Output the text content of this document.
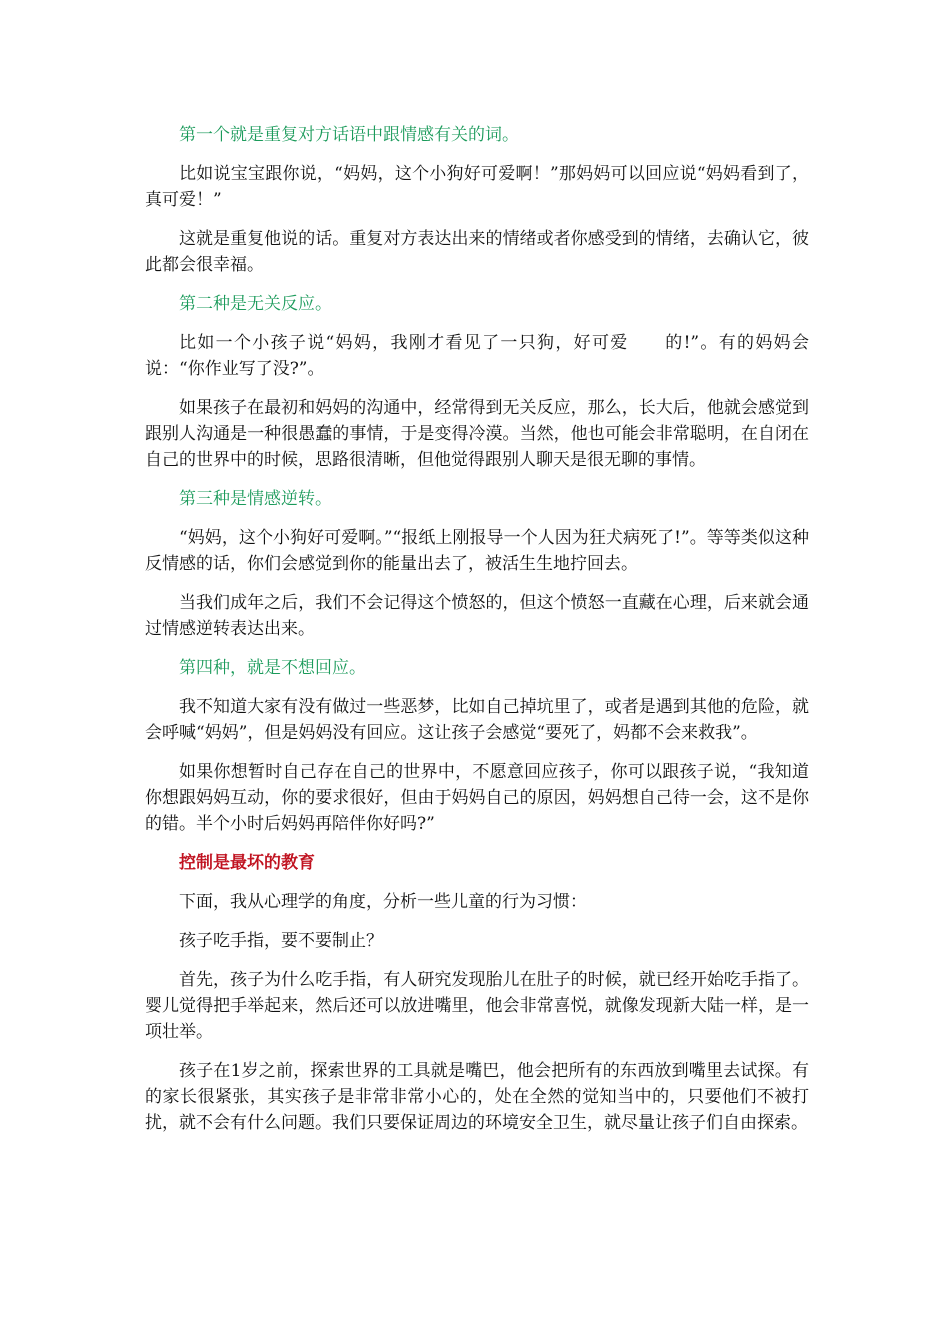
第一个就是重复对方话语中跟情感有关的词。

比如说宝宝跟你说，“妈妈，这个小狗好可爱啊！”那妈妈可以回应说“妈妈看到了，真可爱！”

这就是重复他说的话。重复对方表达出来的情绪或者你感受到的情绪，去确认它，彼此都会很幸福。

第二种是无关反应。

比如一个小孩子说“妈妈，我刚才看见了一只狗，好可爱　　的!”。有的妈妈会说：“你作业写了没?”。

如果孩子在最初和妈妈的沟通中，经常得到无关反应，那么，长大后，他就会感觉到跟别人沟通是一种很愚蠢的事情，于是变得冷漠。当然，他也可能会非常聪明，在自闭在自己的世界中的时候，思路很清晰，但他觉得跟别人聊天是很无聊的事情。

第三种是情感逆转。

“妈妈，这个小狗好可爱啊。”“报纸上刚报导一个人因为狂犬病死了!”。等等类似这种反情感的话，你们会感觉到你的能量出去了，被活生生地拧回去。

当我们成年之后，我们不会记得这个愤怒的，但这个愤怒一直藏在心理，后来就会通过情感逆转表达出来。

第四种，就是不想回应。

我不知道大家有没有做过一些恶梦，比如自己掉坑里了，或者是遇到其他的危险，就会呼喊“妈妈”，但是妈妈没有回应。这让孩子会感觉“要死了，妈都不会来救我”。

如果你想暂时自己存在自己的世界中，不愿意回应孩子，你可以跟孩子说，“我知道你想跟妈妈互动，你的要求很好，但由于妈妈自己的原因，妈妈想自己待一会，这不是你的错。半个小时后妈妈再陪伴你好吗?”

控制是最坏的教育

下面，我从心理学的角度，分析一些儿童的行为习惯：

孩子吃手指，要不要制止？

首先，孩子为什么吃手指，有人研究发现胎儿在肚子的时候，就已经开始吃手指了。婴儿觉得把手举起来，然后还可以放进嘴里，他会非常喜悦，就像发现新大陆一样，是一项壮举。

孩子在1岁之前，探索世界的工具就是嘴巴，他会把所有的东西放到嘴里去试探。有的家长很紧张，其实孩子是非常非常小心的，处在全然的觉知当中的，只要他们不被打扰，就不会有什么问题。我们只要保证周边的环境安全卫生，就尽量让孩子们自由探索。
